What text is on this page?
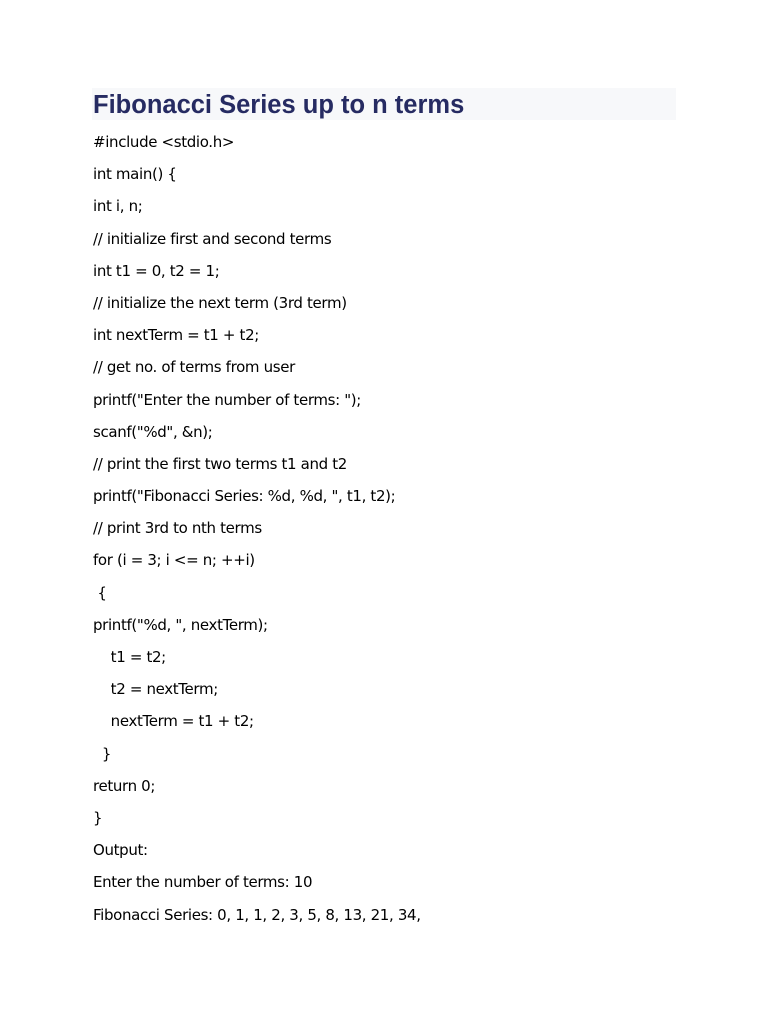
Fibonacci Series up to n terms
#include <stdio.h>
int main() {
int i, n;
// initialize first and second terms
int t1 = 0, t2 = 1;
// initialize the next term (3rd term)
int nextTerm = t1 + t2;
// get no. of terms from user
printf("Enter the number of terms: ");
scanf("%d", &n);
// print the first two terms t1 and t2
printf("Fibonacci Series: %d, %d, ", t1, t2);
// print 3rd to nth terms
for (i = 3; i <= n; ++i)
{
printf("%d, ", nextTerm);
t1 = t2;
t2 = nextTerm;
nextTerm = t1 + t2;
}
return 0;
}
Output:
Enter the number of terms: 10
Fibonacci Series: 0, 1, 1, 2, 3, 5, 8, 13, 21, 34,
